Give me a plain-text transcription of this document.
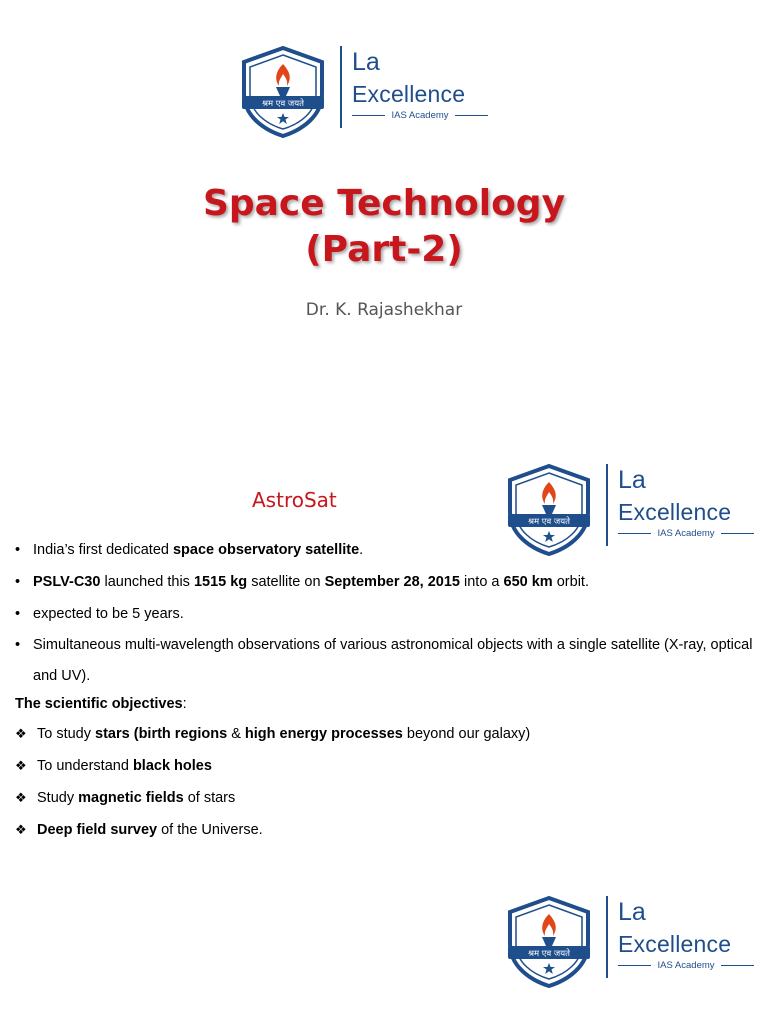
श्रम एव जयते
La
Excellence
IAS Academy
Space Technology
(Part-2)
Dr. K. Rajashekhar
AstroSat
श्रम एव जयते
La
Excellence
IAS Academy

• India’s first dedicated space observatory satellite.

• PSLV-C30 launched this 1515 kg satellite on September 28, 2015 into a 650 km orbit.

• expected to be 5 years.

• Simultaneous multi-wavelength observations of various astronomical objects with a single satellite (X-ray, optical and UV).

The scientific objectives:
❖ To study stars (birth regions & high energy processes beyond our galaxy)
❖ To understand black holes
❖ Study magnetic fields of stars
❖ Deep field survey of the Universe.
श्रम एव जयते
La
Excellence
IAS Academy
